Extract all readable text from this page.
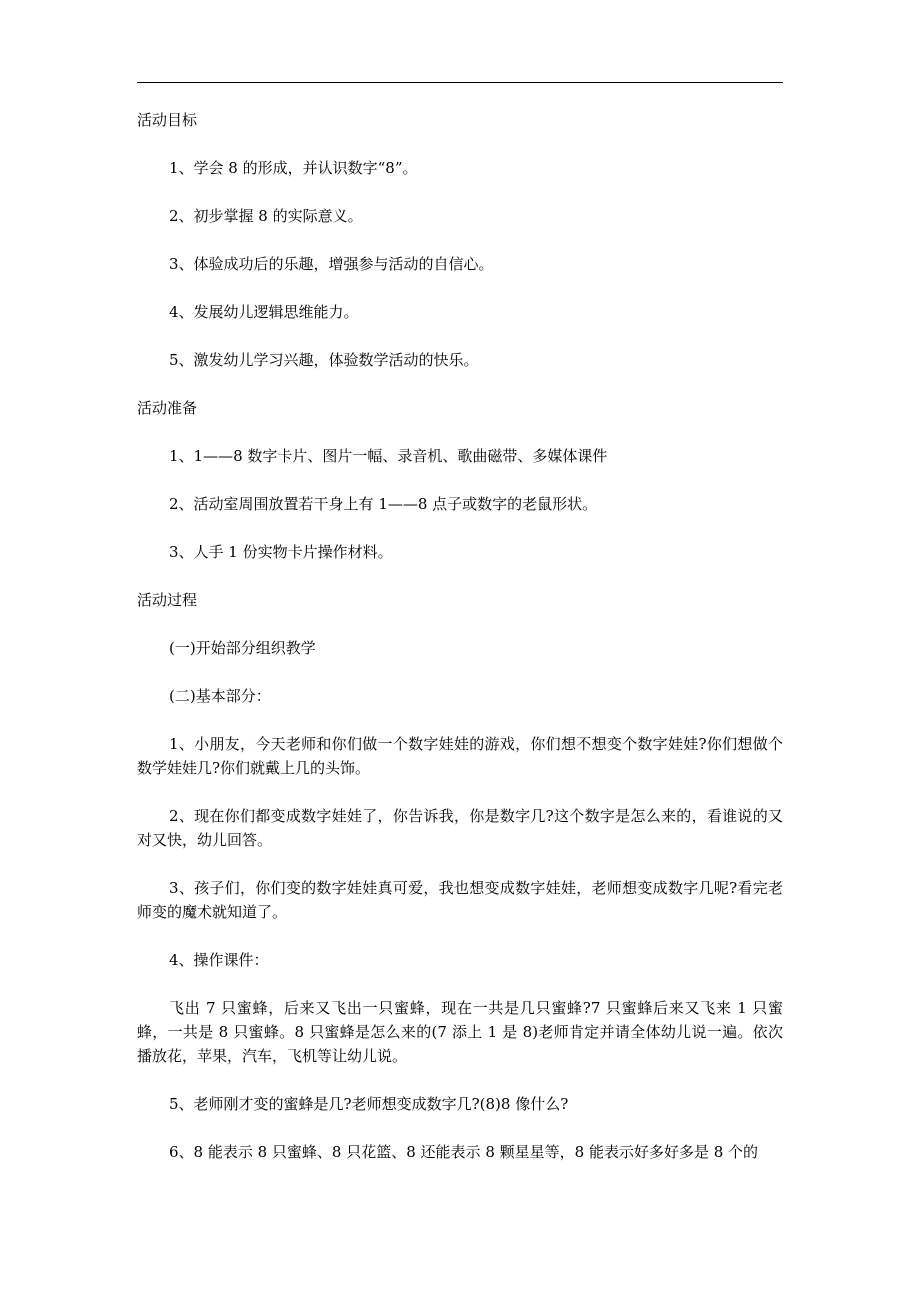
活动目标

1、学会 8 的形成，并认识数字“8”。

2、初步掌握 8 的实际意义。

3、体验成功后的乐趣，增强参与活动的自信心。

4、发展幼儿逻辑思维能力。

5、激发幼儿学习兴趣，体验数学活动的快乐。

活动准备

1、1——8 数字卡片、图片一幅、录音机、歌曲磁带、多媒体课件

2、活动室周围放置若干身上有 1——8 点子或数字的老鼠形状。

3、人手 1 份实物卡片操作材料。

活动过程

(一)开始部分组织教学

(二)基本部分：

1、小朋友，今天老师和你们做一个数字娃娃的游戏，你们想不想变个数字娃娃?你们想做个数学娃娃几?你们就戴上几的头饰。

2、现在你们都变成数字娃娃了，你告诉我，你是数字几?这个数字是怎么来的，看谁说的又对又快，幼儿回答。

3、孩子们，你们变的数字娃娃真可爱，我也想变成数字娃娃，老师想变成数字几呢?看完老师变的魔术就知道了。

4、操作课件：

飞出 7 只蜜蜂，后来又飞出一只蜜蜂，现在一共是几只蜜蜂?7 只蜜蜂后来又飞来 1 只蜜蜂，一共是 8 只蜜蜂。8 只蜜蜂是怎么来的(7 添上 1 是 8)老师肯定并请全体幼儿说一遍。依次播放花，苹果，汽车，飞机等让幼儿说。

5、老师刚才变的蜜蜂是几?老师想变成数字几?(8)8 像什么?

6、8 能表示 8 只蜜蜂、8 只花篮、8 还能表示 8 颗星星等，8 能表示好多好多是 8 个的
